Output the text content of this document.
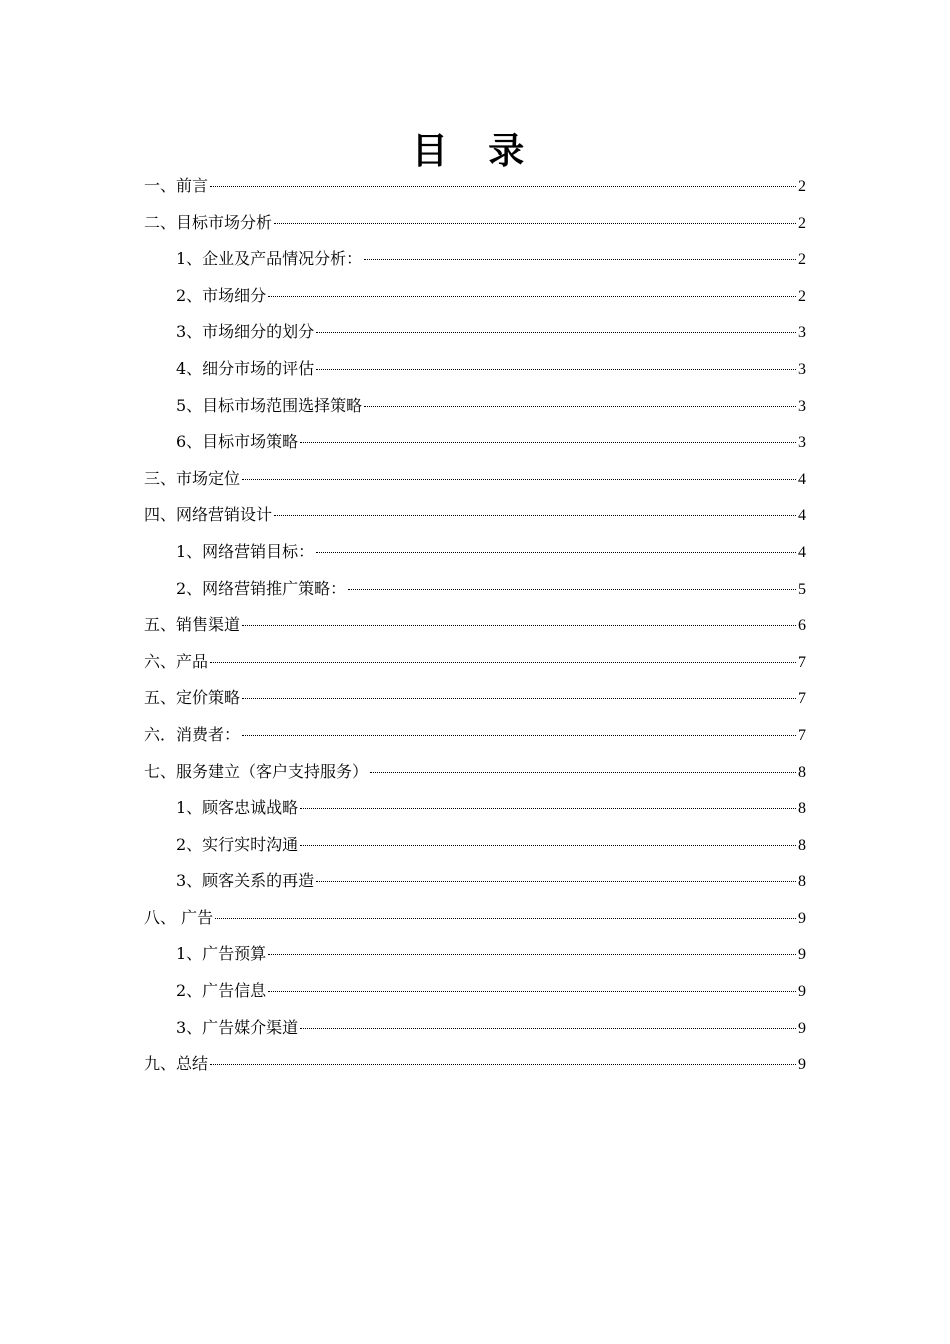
目 录
一、前言	2
二、目标市场分析	2
1、企业及产品情况分析：	2
2、市场细分	2
3、市场细分的划分	3
4、细分市场的评估	3
5、目标市场范围选择策略	3
6、目标市场策略	3
三、市场定位	4
四、网络营销设计	4
1、网络营销目标：	4
2、网络营销推广策略：	5
五、销售渠道	6
六、产品	7
五、定价策略	7
六．消费者：	7
七、服务建立（客户支持服务）	8
1、顾客忠诚战略	8
2、实行实时沟通	8
3、顾客关系的再造	8
八、 广告	9
1、广告预算	9
2、广告信息	9
3、广告媒介渠道	9
九、总结	9
